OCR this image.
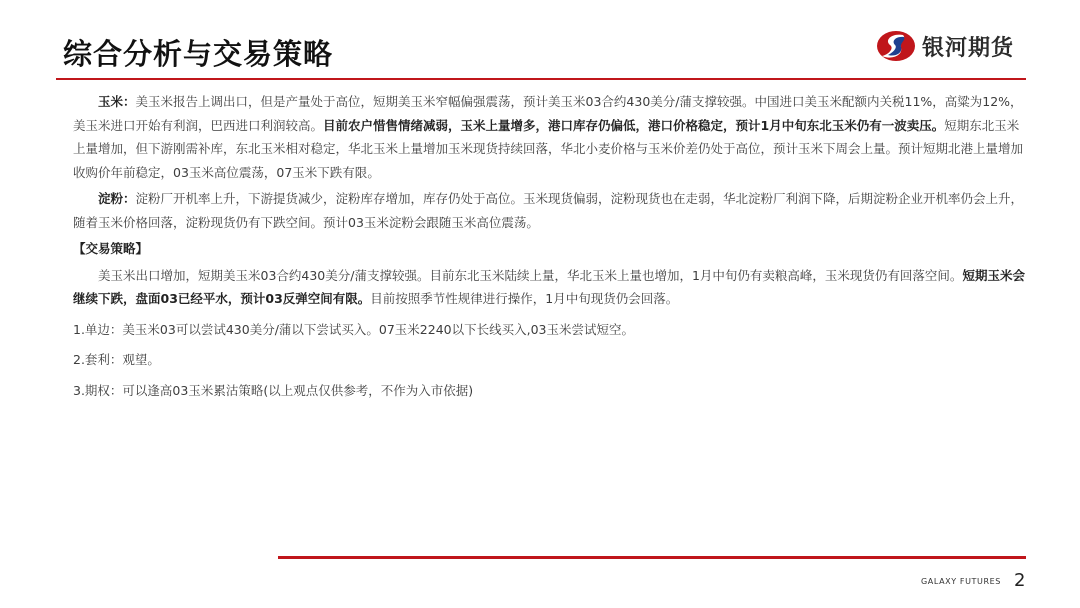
综合分析与交易策略	银河期货

玉米：美玉米报告上调出口，但是产量处于高位，短期美玉米窄幅偏强震荡，预计美玉米03合约430美分/蒲支撑较强。中国进口美玉米配额内关税11%，高粱为12%，美玉米进口开始有利润，巴西进口利润较高。目前农户惜售情绪减弱，玉米上量增多，港口库存仍偏低，港口价格稳定，预计1月中旬东北玉米仍有一波卖压。短期东北玉米上量增加，但下游刚需补库，东北玉米相对稳定，华北玉米上量增加玉米现货持续回落，华北小麦价格与玉米价差仍处于高位，预计玉米下周会上量。预计短期北港上量增加收购价年前稳定，03玉米高位震荡，07玉米下跌有限。

淀粉：淀粉厂开机率上升，下游提货减少，淀粉库存增加，库存仍处于高位。玉米现货偏弱，淀粉现货也在走弱，华北淀粉厂利润下降，后期淀粉企业开机率仍会上升，随着玉米价格回落，淀粉现货仍有下跌空间。预计03玉米淀粉会跟随玉米高位震荡。

【交易策略】

美玉米出口增加，短期美玉米03合约430美分/蒲支撑较强。目前东北玉米陆续上量，华北玉米上量也增加，1月中旬仍有卖粮高峰，玉米现货仍有回落空间。短期玉米会继续下跌，盘面03已经平水，预计03反弹空间有限。目前按照季节性规律进行操作，1月中旬现货仍会回落。

1.单边：美玉米03可以尝试430美分/蒲以下尝试买入。07玉米2240以下长线买入,03玉米尝试短空。

2.套利：观望。

3.期权：可以逢高03玉米累沽策略(以上观点仅供参考，不作为入市依据)

GALAXY FUTURES 2
